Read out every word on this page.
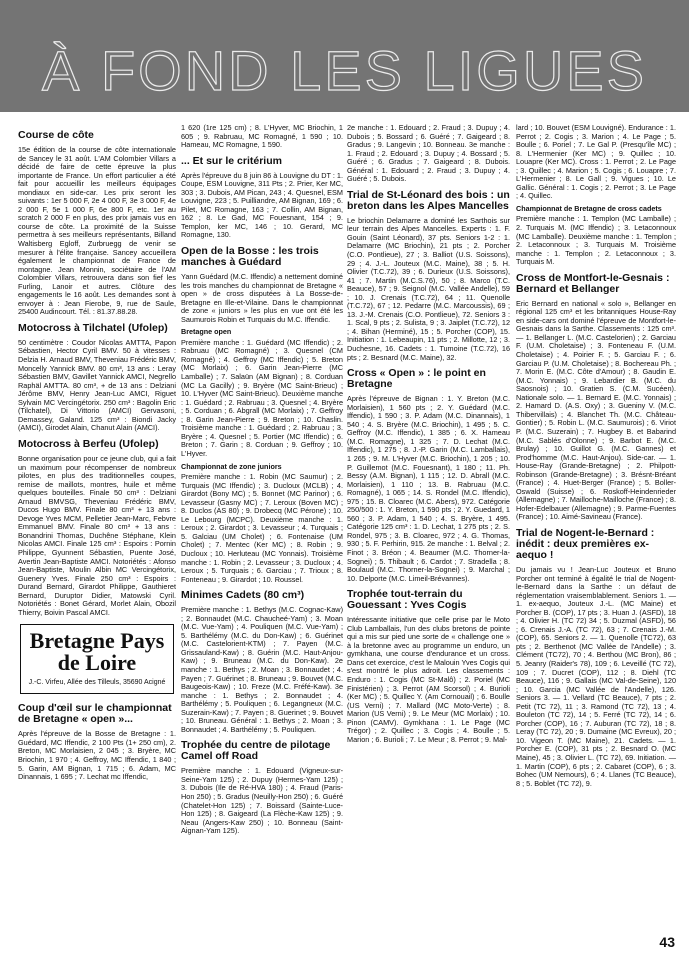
À FOND LES LIGUES
Course de côte

15e édition de la course de côte internationale de Sancey le 31 août. L'AM Colombier Villars a décidé de faire de cette épreuve la plus importante de France. Un effort particulier a été fait pour accueillir les meilleurs équipages mondiaux en side-car. Les prix seront les suivants : 1er 5 000 F, 2e 4 000 F, 3e 3 000 F, 4e 2 000 F, 5e 1 000 F, 6e 800 F, etc. 1er au scratch 2 000 F en plus, des prix jamais vus en course de côte. La proximité de la Suisse permettra à ses meilleurs représentants, Billand Waltisberg Egloff, Zurbruegg de venir se mesurer à l'élite française. Sancey accueillera également le championnat de France de montagne. Jean Monnin, sociétaire de l'AM Colombier Villars, retrouvera dans son fief les Furling, Lanoir et autres. Clôture des engagements le 16 août. Les demandes sont à envoyer à : Jean Fierobe, 9, rue de Saule, 25400 Audincourt. Tél. : 81.37.88.28.

Motocross à Tilchatel (Ufolep)

50 centimètre : Coudor Nicolas AMTTA, Papon Sébastien, Hector Cyril BMV. 50 à vitesses : Delzia H. Arnaud BMV, Theveniau Frédéric BMV, Moncelly Yannick BMV. 80 cm³, 13 ans : Leray Sébastien BMV, Gavillet Yannick AMCI, Negrello Raphäl AMTTA. 80 cm³, + de 13 ans : Delziani Jérôme BMV, Henry Jean-Luc AMCI, Riguet Sylvain MC Vercingétorix. 250 cm³ : Bagolin Eric (Tilchatel), Di Vittorio (AMCI) Gervasoni, Demassey, Galand. 125 cm³ : Biondi Jacky (AMCI), Girodet Alain, Chanut Alain (AMCI).

Motocross à Berfeu (Ufolep)

Bonne organisation pour ce jeune club, qui a fait un maximum pour récompenser de nombreux pilotes, en plus des traditionnelles coupes, remise de maillots, montres, huile et même quelques bouteilles. Finale 50 cm³ : Delziani Arnaud BMVSG, Theveniau Frédéric BMV, Ducos Hugo BMV. Finale 80 cm³ + 13 ans : Devoge Yves MCM, Pelletier Jean-Marc, Febvre Emmanuel BMV. Finale 80 cm³ + 13 ans : Bonandrini Thomas, Duchêne Stéphane, Klein Nicolas AMCI. Finale 125 cm³ : Espoirs : Pornin Philippe, Gyunnent Sébastien, Puente José, Avertin Jean-Baptiste AMCI. Notoriétés : Afonso Jean-Baptiste, Moulin Albin MC Vercingétorix, Guenery Yves. Finale 250 cm³ : Espoirs : Durand Bernard, Girardot Philippe, Gauthieret Bernard, Duruptor Didier, Matowski Cyril. Notoriétés : Bonet Gérard, Morlet Alain, Obozil Thierry, Boivin Pascal AMCI.

Bretagne Pays de Loire
J.-C. Virfeu, Allée des Tilleuls, 35690 Acigné
Coup d'œil sur le championnat de Bretagne « open »...

Après l'épreuve de la Bosse de Bretagne : 1. Guédard, MC Iffendic, 2 100 Pts (1+ 250 cm), 2. Breton, MC Morlaisien, 2 045 ; 3. Bryère, MC Briochin, 1 970 ; 4. Geffroy, MC Iffendic, 1 840 ; 5. Garin, AM Bignan, 1 715 ; 6. Adam, MC Dinannais, 1 695 ; 7. Lechat mc Iffendic,

1 620 (1re 125 cm) ; 8. L'Hyver, MC Briochin, 1 605 ; 9. Rabruau, MC Romagné, 1 590 ; 10. Hameau, MC Romagne, 1 590.

... Et sur le critérium

Après l'épreuve du 8 juin 86 à Louvigne du DT : 1. Coupe, ESM Louvigne, 311 Pts ; 2. Prier, Ker MC, 303 ; 3. Dubois, AM Pican, 243 ; 4. Quesnel, ESM Louvigne, 223 ; 5. Puilliandre, AM Bignan, 169 ; 6. Pilet, MC Romagne, 163 ; 7. Collin, AM Bignan, 162 ; 8. Le Gad, MC Fouesnant, 154 ; 9. Templon, ker MC, 146 ; 10. Gerard, MC Romagne, 130.

Open de la Bosse : les trois manches à Guédard

Yann Guédard (M.C. Iffendic) a nettement dominé les trois manches du championnat de Bretagne « open » de cross disputées à La Bosse-de-Bretagne en Ille-et-Vilaine. Dans le championnat de zone « juniors » les plus en vue ont été les Saumurois Robin et Turquais du M.C. Iffendic.

Bretagne open

Première manche : 1. Guédard (MC Iffendic) ; 2. Rabruau (MC Romagné) ; 3. Quesnel (CM Romagné) ; 4. Geffroy (MC Iffendic) ; 5. Breton (MC Morlaix) ; 6. Garin Jean-Pierre (MC Lamballe) ; 7. Salaün (AM Bignan) ; 8. Corduan (MC La Gacilly) ; 9. Bryère (MC Saint-Brieuc) ; 10. L'Hyver (MC Saint-Brieuc). Deuxième manche : 1. Guédard ; 2. Rabruau ; 3. Quesnel ; 4. Bryère ; 5. Corduan ; 6. Abgrall (MC Morlaix) ; 7. Geffroy ; 8. Garin Jean-Pierre ; 9. Breton ; 10. Chaslin. Troisième manche : 1. Guédard ; 2. Rabruau ; 3. Bryère ; 4. Quesnel ; 5. Portier (MC Iffendic) ; 6. Breton ; 7. Garin ; 8. Corduan ; 9. Geffroy ; 10. L'Hyver.

Championnat de zone juniors

Première manche : 1. Robin (MC Saumur) ; 2. Turquais (MC Iffendic) ; 3. Ducloux (MCLB) ; 4. Girardot (Bony MC) ; 5. Bonnet (MC Parinor) ; 6. Levasseur (Gasny MC) ; 7. Leroux (Boven MC) ; 8. Duclos (AS 80) ; 9. Drobecq (MC Pérone) ; 10. Le Lebourg (MCPC). Deuxième manche : 1. Leroux ; 2. Girardot ; 3. Levasseur ; 4. Turquais ; 5. Galciau (UM Cholet) ; 6. Fontenaise (UM Cholet) ; 7. Mentec (Ker MC) ; 8. Robin ; 9. Ducloux ; 10. Herluteau (MC Yonnais). Troisième manche : 1. Robin ; 2. Levasseur ; 3. Ducloux ; 4. Leroux ; 5. Turquais ; 6. Garciau ; 7. Trioux ; 8. Fonteneau ; 9. Girardot ; 10. Roussel.

Minimes Cadets (80 cm³)

Première manche : 1. Bethys (M.C. Cognac-Kaw) ; 2. Bonnaudet (M.C. Chaucheé-Yam) ; 3. Moan (M.C. Vue-Yam) ; 4. Pouliquen (M.C. Vue-Yam) ; 5. Barthélémy (M.C. du Don-Kaw) ; 6. Guérinet (M.C. Castelorient-KTM) ; 7. Payen (M.C. Grissauland-Kaw) ; 8. Guérin (M.C. Haut-Anjou-Kaw) ; 9. Bruneau (M.C. du Don-Kaw). 2e manche : 1. Bethys ; 2. Moan ; 3. Bonnaudet ; 4. Payen ; 7. Guérinet ; 8. Bruneau ; 9. Bouvet (M.C. Baugeois-Kaw) ; 10. Freze (M.C. Fréfé-Kaw). 3e manche : 1. Bethys ; 2. Bonnaudet ; 4. Barthélémy ; 5. Pouliquen ; 6. Legangneux (M.C. Suzerain-Kaw) ; 7. Payen ; 8. Guerinet ; 9. Bouvet ; 10. Bruneau. Général : 1. Bethys ; 2. Moan ; 3. Bonnaudet ; 4. Barthélémy ; 5. Pouliquen.

Trophée du centre de pilotage Camel off Road

Première manche : 1. Edouard (Vigneux-sur-Seine-Yam 125) ; 2. Dupuy (Hermes-Yam 125) ; 3. Dubois (Ile de Ré-HVA 180) ; 4. Fraud (Paris-Hon 250) ; 5. Gradus (Neuilly-Hon 250) ; 6. Guéré (Chatelet-Hon 125) ; 7. Boissard (Sainte-Luce-Hon 125) ; 8. Gaigeard (La Flèche-Kaw 125) ; 9. Neau (Angers-Kaw 250) ; 10. Bonneau (Saint-Aignan-Yam 125).

2e manche : 1. Edouard ; 2. Fraud ; 3. Dupuy ; 4. Dubois ; 5. Bossard ; 6. Guéré ; 7. Gaigeard ; 8. Gradus ; 9. Langevin ; 10. Bonneau. 3e manche : 1. Fraud ; 2. Edouard ; 3. Dupuy ; 4. Bossard ; 5. Guéré ; 6. Gradus ; 7. Gaigeard ; 8. Dubois. Général : 1. Edouard ; 2. Fraud ; 3. Dupuy ; 4. Guéré ; 5. Dubois.

Trial de St-Léonard des bois : un breton dans les Alpes Mancelles

Le briochin Delamarre a dominé les Sarthois sur leur terrain des Alpes Mancelles. Experts : 1. F. Gouin (Saint Léonard), 37 pts. Seniors 1-2 : 1. Delamarre (MC Briochin), 21 pts ; 2. Porcher (C.O. Pontlieue), 27 ; 3. Balliot (U.S. Soissons), 29 ; 4. J.-L. Jouteux (M.C. Maine), 38 ; 5. H. Olivier (T.C.72), 39 ; 6. Durieux (U.S. Soissons), 41 ; 7. Martin (M.C.S.76), 50 ; 8. Marco (T.C. Beauce), 57 ; 9. Seignol (M.C. Vallée Andelle), 59 ; 10. J. Crenais (T.C.72), 64 ; 11. Quenolle (T.C.72), 67 ; 12. Pedarre (M.C. Marcoussis), 69 ; 13. J.-M. Crenais (C.O. Pontlieue), 72. Seniors 3 : 1. Scal, 9 pts ; 2. Sulista, 9 ; 3. Jaiplet (T.C.72), 12 ; 4. Bihan (Herminé), 15 ; 5. Porcher (COP), 15. Initiation : 1. Lebeaupin, 11 pts ; 2. Millotte, 12 ; 3. Duchesne, 16. Cadets : 1. Tumoine (T.C.72), 16 pts ; 2. Besnard (M.C. Maine), 32.

Cross « Open » : le point en Bretagne

Après l'épreuve de Bignan : 1. Y. Breton (M.C. Morlaisien), 1 560 pts ; 2. Y. Guédard (M.C. Iffendic), 1 590 ; 3. P. Adam (M.C. Dinannais), 1 540 ; 4. S. Bryère (M.C. Briochin), 1 495 ; 5. C. Geffroy (M.C. Iffendic), 1 385 ; 6. X. Hameau (M.C. Romagne), 1 325 ; 7. D. Lechat (M.C. Iffendic), 1 275 ; 8. J.-P. Garin (M.C. Lamballais), 1 265 ; 9. M. L'Hyver (M.C. Briochin), 1 205 ; 10. P. Guillemot (M.C. Fouesnant), 1 180 ; 11. Ph. Bessy (A.M. Bignan), 1 115 ; 12. D. Abrall (M.C. Morlaisien), 1 110 ; 13. B. Rabruau (M.C. Romagné), 1 065 ; 14. S. Rondel (M.C. Iffendic), 975 ; 15. B. Cloarec (M.C. Abers), 972. Catégorie 250/500 : 1. Y. Breton, 1 590 pts ; 2. Y. Guedard, 1 560 ; 3. P. Adam, 1 540 ; 4. S. Bryère, 1 495. Catégorie 125 cm³ : 1. D. Lechat, 1 275 pts ; 2. S. Rondel, 975 ; 3. B. Cloarec, 972 ; 4. G. Thomas, 930 ; 5. F. Perhirin, 915. 2e manche : 1. Belval ; 2. Finot ; 3. Bréon ; 4. Beaumer (M.C. Thorner-la-Sognei) ; 5. Thibault ; 6. Cardot ; 7. Stradella ; 8. Boulaud (M.C. Thorner-la-Sognei) ; 9. Marchal ; 10. Delporte (M.C. Limeil-Brévannes).

Trophée tout-terrain du Gouessant : Yves Cogis

Intéressante initiative que celle prise par le Moto Club Lamballais, l'un des clubs bretons de pointe qui a mis sur pied une sorte de « challenge one » à la bretonne avec au programme un enduro, un gymkhana, une course d'endurance et un cross. Dans cet exercice, c'est le Malouin Yves Cogis qui s'est montré le plus adroit. Les classements : Enduro : 1. Cogis (MC St-Malô) ; 2. Poriel (MC Finistérien) ; 3. Perrot (AM Scorsol) ; 4. Burioli (Ker MC) ; 5. Quillec Y. (Am Cornouail) ; 6. Boulle (US Verni) ; 7. Mallard (MC Moto-Verte) ; 8. Marion (US Verni) ; 9. Le Meur (MC Morlaix) ; 10. Pinon (CAMV). Gymkhana : 1. Le Page (MC Trégor) ; 2. Quillec ; 3. Cogis ; 4. Boulle ; 5. Marion ; 6. Burioli ; 7. Le Meur ; 8. Perrot ; 9. Mal-

lard ; 10. Bouvet (ESM Louvigné). Endurance : 1. Perrot ; 2. Cogis ; 3. Marion ; 4. Le Page ; 5. Boulle ; 6. Poriel ; 7. Le Gal P. (Presqu'île MC) ; 8. L'Hermenier (Ker MC) ; 9. Quillec ; 10. Louapre (Ker MC). Cross : 1. Perrot ; 2. Le Page ; 3. Quillec ; 4. Marion ; 5. Cogis ; 6. Louapre ; 7. L'Hermenier ; 8. Le Gall ; 9. Vigues ; 10. Le Gallic. Général : 1. Cogis ; 2. Perrot ; 3. Le Page ; 4. Quillec.

Championnat de Bretagne de cross cadets

Première manche : 1. Templon (MC Lamballe) ; 2. Turquais M. (MC Iffendic) ; 3. Letaconnoux (MC Lamballe). Deuxième manche : 1. Templon ; 2. Letaconnoux ; 3. Turquais M. Troisième manche : 1. Templon ; 2. Letaconnoux ; 3. Turquais M.

Cross de Montfort-le-Gesnais : Bernard et Bellanger

Eric Bernard en national « solo », Bellanger en régional 125 cm³ et les britanniques House-Ray en side-cars ont dominé l'épreuve de Montfort-le-Gesnais dans la Sarthe. Classements : 125 cm³. — 1. Bellanger L. (M.C. Castelorien) ; 2. Garciau F. (U.M. Choletaise) ; 3. Fonteneau F. (U.M. Choletaise) ; 4. Poirier F. ; 5. Garciau F. ; 6. Garciau P. (U.M. Choletaise) ; 8. Bochereau Ph. ; 7. Morin E. (M.C. Côte d'Amour) ; 8. Gaudin E. (M.C. Yonnais) ; 9. Lebardier B. (M.C. du Saosnois) ; 10. Gratien S. (C.M. Sucéen). Nationale solo. — 1. Bernard E. (M.C. Yonnais) ; 2. Hamard D. (A.S. Oxy) ; 3. Gueniny V. (M.C. Thibervillais) ; 4. Blanchet Th. (M.C. Château-Gontier) ; 5. Robin L. (M.C. Saumurois) ; 6. Viriot P. (M.C. Suzerain) ; 7. Hugbey B. et Babarind (M.C. Sablés d'Olonne) ; 9. Barbot E. (M.C. Brulay) ; 10. Guillot G. (M.C. Gannes) et Prod'homme (M.C. Haut-Anjou). Side-car. — 1. House-Ray (Grande-Bretagne) ; 2. Philpott-Robinson (Grande-Bretagne) ; 3. Brésnt-Bréant (France) ; 4. Huet-Berger (France) ; 5. Boller-Oswald (Suisse) ; 6. Roskoff-Heindenrieder (Allemagne) ; 7. Mailloche-Mailloche (France) ; 8. Hofer-Edelbauer (Allemagne) ; 9. Parme-Fuentes (France) ; 10. Aimé-Savineau (France).

Trial de Nogent-le-Bernard : inédit : deux premières ex-aequo !

Du jamais vu ! Jean-Luc Jouteux et Bruno Porcher ont terminé à égalité le trial de Nogent-le-Bernard dans la Sarthe : un défaut de réglementation vraisemblablement. Seniors 1. — 1. ex-aequo, Jouteux J.-L. (MC Maine) et Porcher B. (COP), 17 pts ; 3. Huan J. (ASFD), 18 ; 4. Olivier H. (TC 72) 34 ; 5. Duzmal (ASFD), 56 ; 6. Crenais J.-A. (TC 72), 63 ; 7. Crenais J.-M. (COP), 65. Seniors 2. — 1. Quenolle (TC72), 63 pts ; 2. Berthenot (MC Vallée de l'Andelle) ; 3. Clément (TC72), 70 ; 4. Berthou (MC Bron), 86 ; 5. Jeanry (Raider's 78), 109 ; 6. Leveillé (TC 72), 109 ; 7. Ducret (COP), 112 ; 8. Diehl (TC Beauce), 116 ; 9. Gallais (MC Val-de-Seine), 120 ; 10. Garcia (MC Vallée de l'Andelle), 126. Seniors 3. — 1. Vellard (TC Beauce), 7 pts ; 2. Petit (TC 72), 11 ; 3. Ramond (TC 72), 13 ; 4. Bouleton (TC 72), 14 ; 5. Ferré (TC 72), 14 ; 6. Porcher (COP), 16 ; 7. Auburan (TC 72), 18 ; 8. Leray (TC 72), 20 ; 9. Dumaine (MC Evreux), 20 ; 10. Vigeon T. (MC Maine), 21. Cadets. — 1. Porcher E. (COP), 31 pts ; 2. Besnard O. (MC Maine), 45 ; 3. Olivier L. (TC 72), 69. Initiation. — 1. Martin (COP), 6 pts ; 2. Cabaret (COP), 6 ; 3. Bohec (UM Nemours), 6 ; 4. Llanes (TC Beauce), 8 ; 5. Boblet (TC 72), 9.

43
